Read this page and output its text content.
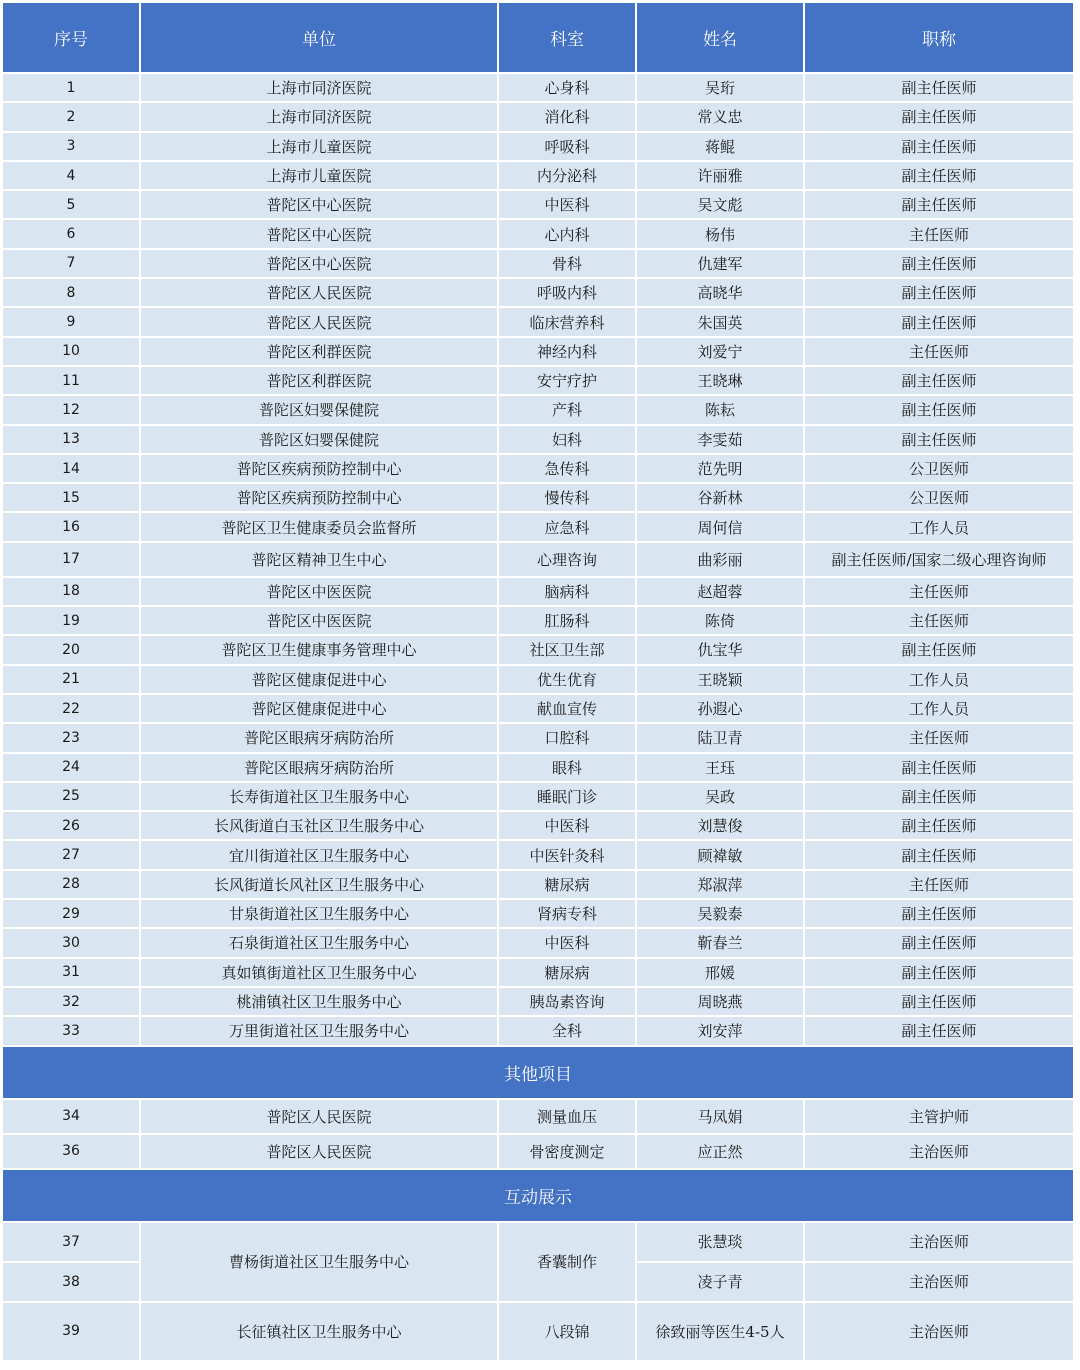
序号	单位	科室	姓名	职称
1	上海市同济医院	心身科	吴珩	副主任医师
2	上海市同济医院	消化科	常义忠	副主任医师
3	上海市儿童医院	呼吸科	蒋鲲	副主任医师
4	上海市儿童医院	内分泌科	许丽雅	副主任医师
5	普陀区中心医院	中医科	吴文彪	副主任医师
6	普陀区中心医院	心内科	杨伟	主任医师
7	普陀区中心医院	骨科	仇建军	副主任医师
8	普陀区人民医院	呼吸内科	高晓华	副主任医师
9	普陀区人民医院	临床营养科	朱国英	副主任医师
10	普陀区利群医院	神经内科	刘爱宁	主任医师
11	普陀区利群医院	安宁疗护	王晓琳	副主任医师
12	普陀区妇婴保健院	产科	陈耘	副主任医师
13	普陀区妇婴保健院	妇科	李雯茹	副主任医师
14	普陀区疾病预防控制中心	急传科	范先明	公卫医师
15	普陀区疾病预防控制中心	慢传科	谷新林	公卫医师
16	普陀区卫生健康委员会监督所	应急科	周何信	工作人员
17	普陀区精神卫生中心	心理咨询	曲彩丽	副主任医师/国家二级心理咨询师
18	普陀区中医医院	脑病科	赵超蓉	主任医师
19	普陀区中医医院	肛肠科	陈倚	主任医师
20	普陀区卫生健康事务管理中心	社区卫生部	仇宝华	副主任医师
21	普陀区健康促进中心	优生优育	王晓颖	工作人员
22	普陀区健康促进中心	献血宣传	孙遐心	工作人员
23	普陀区眼病牙病防治所	口腔科	陆卫青	主任医师
24	普陀区眼病牙病防治所	眼科	王珏	副主任医师
25	长寿街道社区卫生服务中心	睡眠门诊	吴政	副主任医师
26	长风街道白玉社区卫生服务中心	中医科	刘慧俊	副主任医师
27	宜川街道社区卫生服务中心	中医针灸科	顾褘敏	副主任医师
28	长风街道长风社区卫生服务中心	糖尿病	郑淑萍	主任医师
29	甘泉街道社区卫生服务中心	肾病专科	吴毅泰	副主任医师
30	石泉街道社区卫生服务中心	中医科	靳春兰	副主任医师
31	真如镇街道社区卫生服务中心	糖尿病	邢媛	副主任医师
32	桃浦镇社区卫生服务中心	胰岛素咨询	周晓燕	副主任医师
33	万里街道社区卫生服务中心	全科	刘安萍	副主任医师
其他项目				
34	普陀区人民医院	测量血压	马凤娟	主管护师
36	普陀区人民医院	骨密度测定	应正然	主治医师
互动展示				
37	曹杨街道社区卫生服务中心	香囊制作	张慧琰	主治医师
38			凌子青	主治医师
39	长征镇社区卫生服务中心	八段锦	徐致丽等医生4-5人	主治医师
